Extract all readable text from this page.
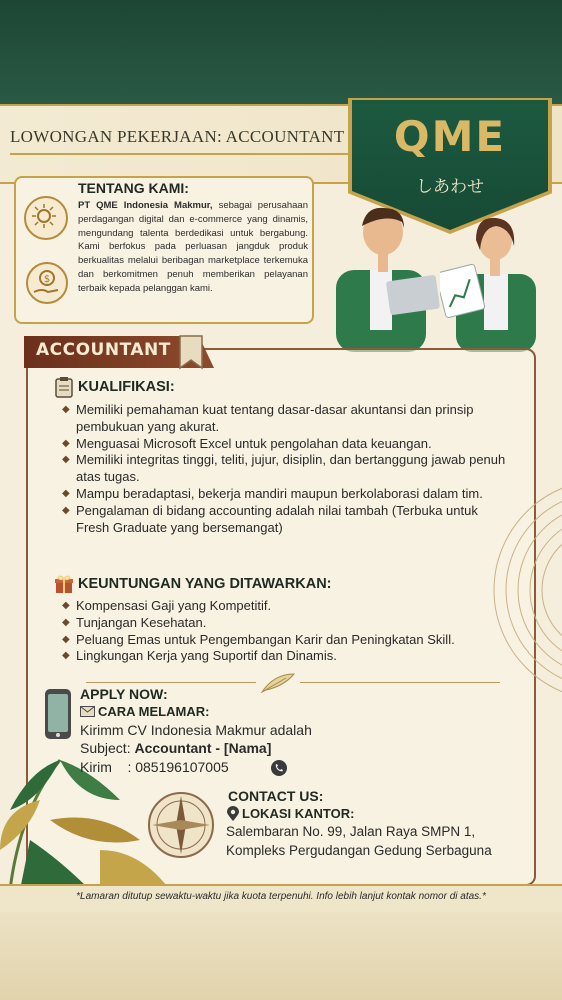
LOWONGAN PEKERJAAN: ACCOUNTANT	QME
しあわせ
$
TENTANG KAMI:
PT QME Indonesia Makmur, sebagai perusahaan perdagangan digital dan e-commerce yang dinamis, mengundang talenta berdedikasi untuk bergabung. Kami berfokus pada perluasan jangduk produk berkualitas melalui beribagan marketplace terkemuka dan berkomitmen penuh memberikan pelayanan terbaik kepada pelanggan kami.
ACCOUNTANT
KUALIFIKASI:
◆ Memiliki pemahaman kuat tentang dasar-dasar akuntansi dan prinsip pembukuan yang akurat.
◆ Menguasai Microsoft Excel untuk pengolahan data keuangan.
◆ Memiliki integritas tinggi, teliti, jujur, disiplin, dan bertanggung jawab penuh atas tugas.
◆ Mampu beradaptasi, bekerja mandiri maupun berkolaborasi dalam tim.
◆ Pengalaman di bidang accounting adalah nilai tambah (Terbuka untuk Fresh Graduate yang bersemangat)
KEUNTUNGAN YANG DITAWARKAN:
◆ Kompensasi Gaji yang Kompetitif.
◆ Tunjangan Kesehatan.
◆ Peluang Emas untuk Pengembangan Karir dan Peningkatan Skill.
◆ Lingkungan Kerja yang Suportif dan Dinamis.
APPLY NOW:
CARA MELAMAR:
Kirimm CV Indonesia Makmur adalah
Subject: Accountant - [Nama]
Kirim : 085196107005
CONTACT US:
LOKASI KANTOR:
Salembaran No. 99, Jalan Raya SMPN 1,
Kompleks Pergudangan Gedung Serbaguna
*Lamaran ditutup sewaktu-waktu jika kuota terpenuhi. Info lebih lanjut kontak nomor di atas.*
